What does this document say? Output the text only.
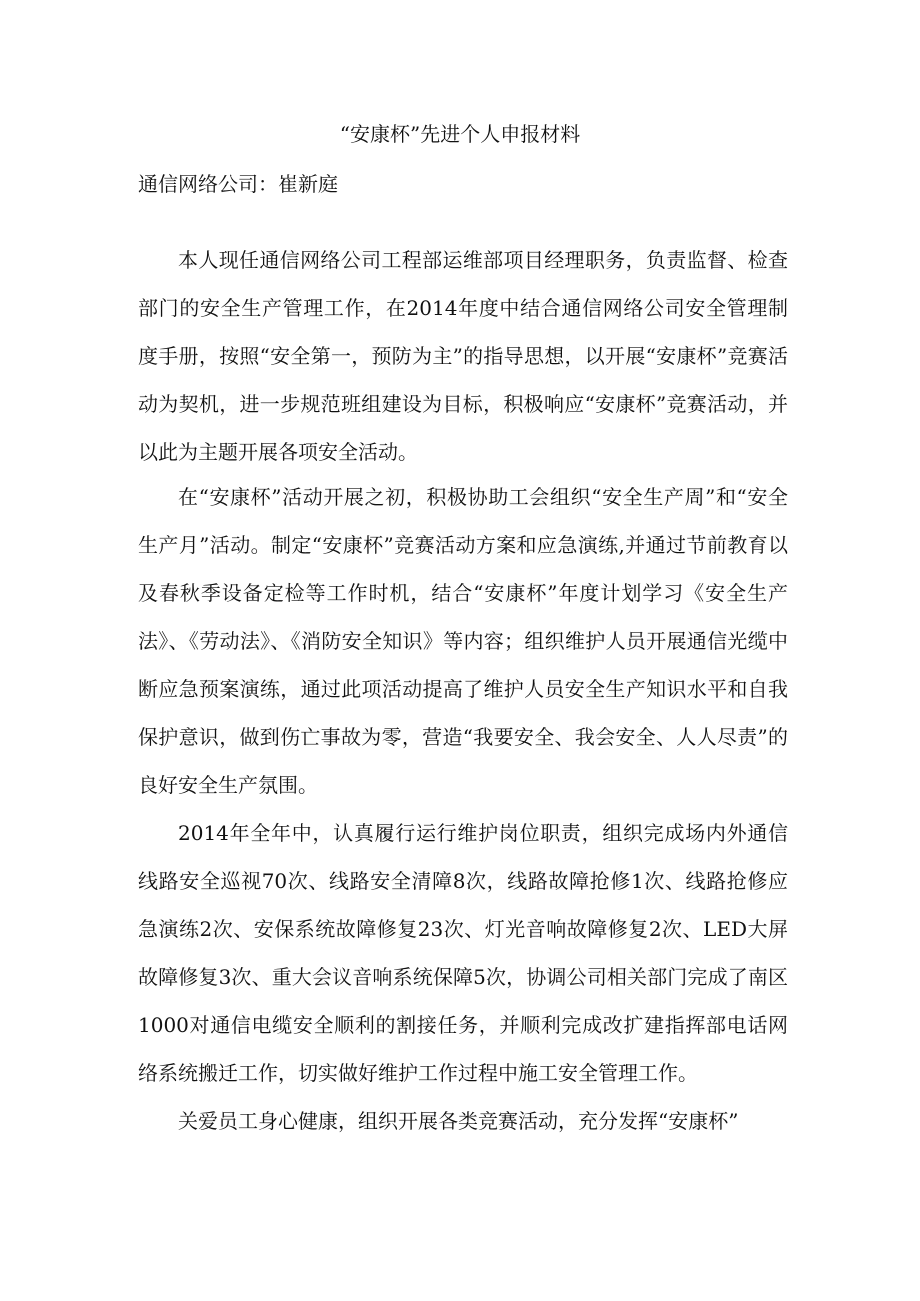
“安康杯”先进个人申报材料
通信网络公司：崔新庭

本人现任通信网络公司工程部运维部项目经理职务，负责监督、检查部门的安全生产管理工作，在2014年度中结合通信网络公司安全管理制度手册，按照“安全第一，预防为主”的指导思想，以开展“安康杯”竞赛活动为契机，进一步规范班组建设为目标，积极响应“安康杯”竞赛活动，并以此为主题开展各项安全活动。

在“安康杯”活动开展之初，积极协助工会组织“安全生产周”和“安全生产月”活动。制定“安康杯”竞赛活动方案和应急演练,并通过节前教育以及春秋季设备定检等工作时机，结合“安康杯”年度计划学习《安全生产法》、《劳动法》、《消防安全知识》等内容；组织维护人员开展通信光缆中断应急预案演练，通过此项活动提高了维护人员安全生产知识水平和自我保护意识，做到伤亡事故为零，营造“我要安全、我会安全、人人尽责”的良好安全生产氛围。

2014年全年中，认真履行运行维护岗位职责，组织完成场内外通信线路安全巡视70次、线路安全清障8次，线路故障抢修1次、线路抢修应急演练2次、安保系统故障修复23次、灯光音响故障修复2次、LED大屏故障修复3次、重大会议音响系统保障5次，协调公司相关部门完成了南区1000对通信电缆安全顺利的割接任务，并顺利完成改扩建指挥部电话网络系统搬迁工作，切实做好维护工作过程中施工安全管理工作。

关爱员工身心健康，组织开展各类竞赛活动，充分发挥“安康杯”
